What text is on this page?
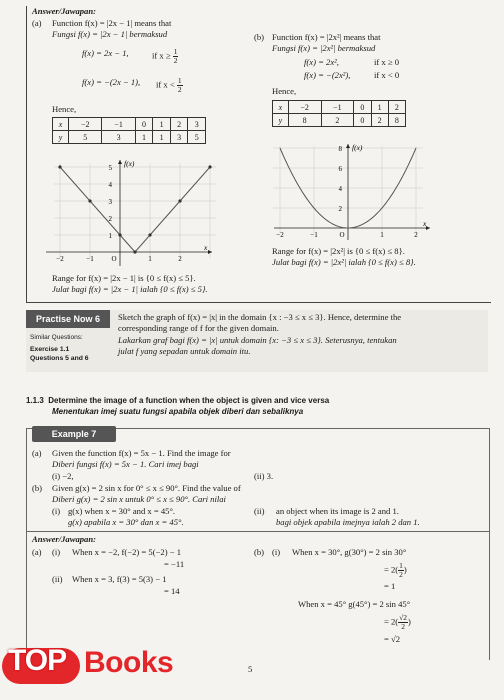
Answer/Jawapan:
(a) Function f(x) = |2x − 1| means that
Fungsi f(x) = |2x − 1| bermaksud
f(x) = 2x − 1,	if $x \ge \frac{1}{2}$
f(x) = −(2x − 1), if $x < \frac{1}{2}$
Hence,
x	−2	−1	0	1	2	3
y	5	3	1	1	3	5
5
4
3
2
1
−2	−1	O	1	2
f(x)
x
Range for f(x) = |2x − 1| is {0 ≤ f(x) ≤ 5}.
Julat bagi f(x) = |2x − 1| ialah {0 ≤ f(x) ≤ 5}.
(b) Function f(x) = |2x²| means that
Fungsi f(x) = |2x²| bermaksud
f(x) = 2x²,	if x ≥ 0
f(x) = −(2x²),	if x < 0
Hence,
x	−2	−1	0	1	2
y	8	2	0	2	8
8
6
4
2
−2	−1	O	1	2
f(x)
x
Range for f(x) = |2x²| is {0 ≤ f(x) ≤ 8}.
Julat bagi f(x) = |2x²| ialah {0 ≤ f(x) ≤ 8}.
Practise Now 6
Similar Questions:
Exercise 1.1
Questions 5 and 6
Sketch the graph of f(x) = |x| in the domain {x : −3 ≤ x ≤ 3}. Hence, determine the
corresponding range of f for the given domain.
Lakarkan graf bagi f(x) = |x| untuk domain {x: −3 ≤ x ≤ 3}. Seterusnya, tentukan
julat f yang sepadan untuk domain itu.
1.1.3 Determine the image of a function when the object is given and vice versa
Menentukan imej suatu fungsi apabila objek diberi dan sebaliknya
Example 7
(a) Given the function f(x) = 5x − 1. Find the image for
Diberi fungsi f(x) = 5x − 1. Cari imej bagi
(i) −2,	(ii) 3.
(b) Given g(x) = 2 sin x for 0° ≤ x ≤ 90°. Find the value of
Diberi g(x) = 2 sin x untuk 0° ≤ x ≤ 90°. Cari nilai
(i) g(x) when x = 30° and x = 45°.
g(x) apabila x = 30° dan x = 45°.
(ii) an object when its image is 2 and 1.
bagi objek apabila imejnya ialah 2 dan 1.
Answer/Jawapan:
(a) (i) When x = −2, f(−2) = 5(−2) − 1
= −11
(ii) When x = 3, f(3) = 5(3) − 1
= 14
(b) (i) When x = 30°, g(30°) = 2 sin 30°
= $2( \frac{1}{2}$ )
= 1
When x = 45° g(45°) = 2 sin 45°
= $2( \frac{√2}{2}$ )
= √2
5
TOP Books
